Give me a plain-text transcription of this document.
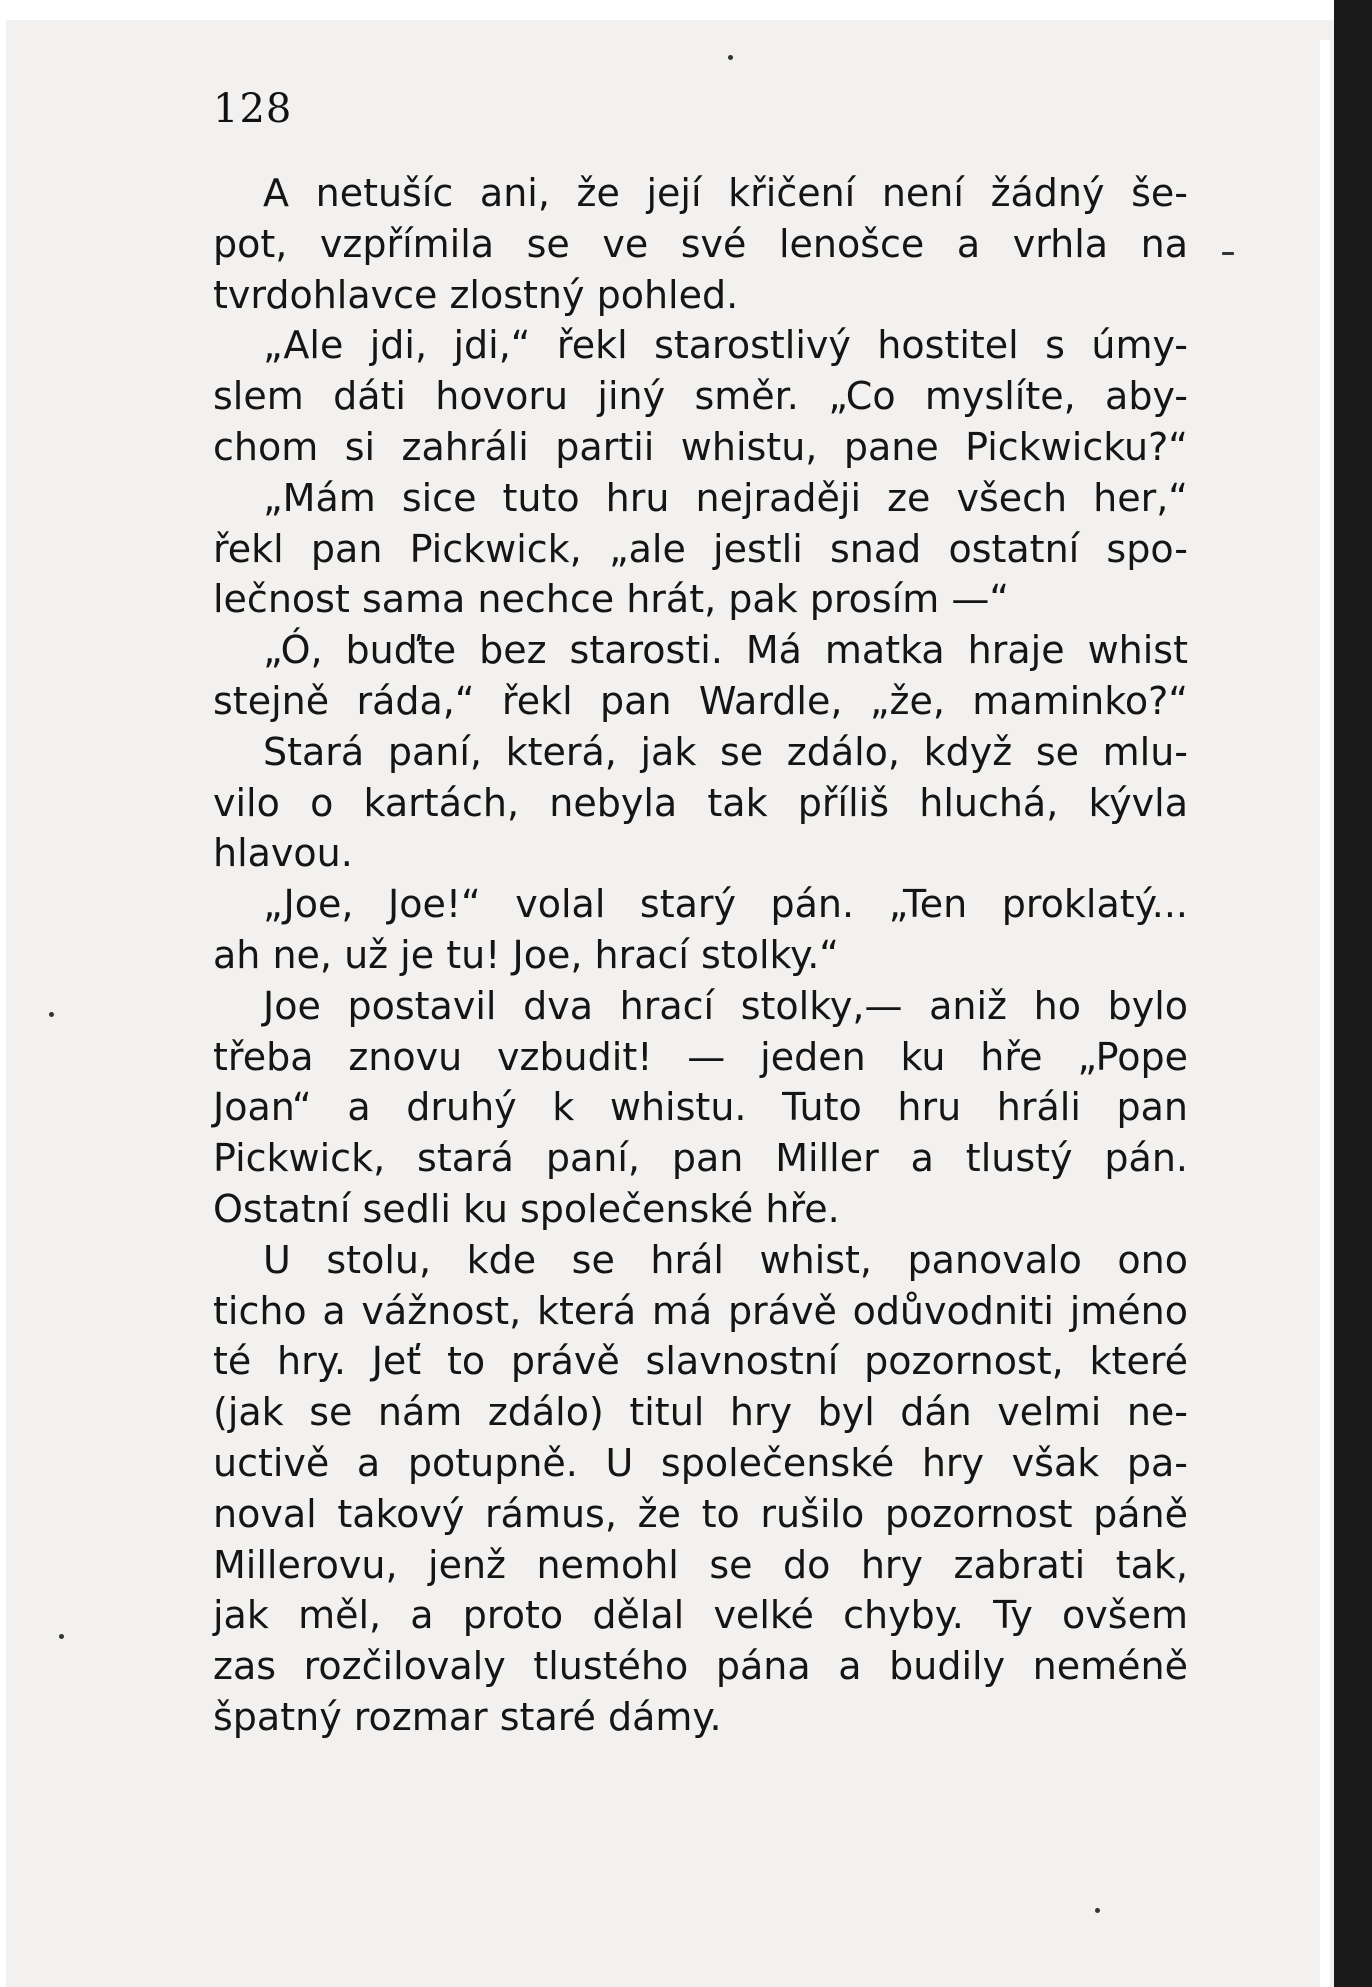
128
A netušíc ani, že její křičení není žádný še-
pot, vzpřímila se ve své lenošce a vrhla na
tvrdohlavce zlostný pohled.
„Ale jdi, jdi,“ řekl starostlivý hostitel s úmy-
slem dáti hovoru jiný směr. „Co myslíte, aby-
chom si zahráli partii whistu, pane Pickwicku?“
„Mám sice tuto hru nejraději ze všech her,“
řekl pan Pickwick, „ale jestli snad ostatní spo-
lečnost sama nechce hrát, pak prosím —“
„Ó, buďte bez starosti. Má matka hraje whist
stejně ráda,“ řekl pan Wardle, „že, maminko?“
Stará paní, která, jak se zdálo, když se mlu-
vilo o kartách, nebyla tak příliš hluchá, kývla
hlavou.
„Joe, Joe!“ volal starý pán. „Ten proklatý...
ah ne, už je tu! Joe, hrací stolky.“
Joe postavil dva hrací stolky,— aniž ho bylo
třeba znovu vzbudit! — jeden ku hře „Pope
Joan“ a druhý k whistu. Tuto hru hráli pan
Pickwick, stará paní, pan Miller a tlustý pán.
Ostatní sedli ku společenské hře.
U stolu, kde se hrál whist, panovalo ono
ticho a vážnost, která má právě odůvodniti jméno
té hry. Jeť to právě slavnostní pozornost, které
(jak se nám zdálo) titul hry byl dán velmi ne-
uctivě a potupně. U společenské hry však pa-
noval takový rámus, že to rušilo pozornost páně
Millerovu, jenž nemohl se do hry zabrati tak,
jak měl, a proto dělal velké chyby. Ty ovšem
zas rozčilovaly tlustého pána a budily neméně
špatný rozmar staré dámy.
